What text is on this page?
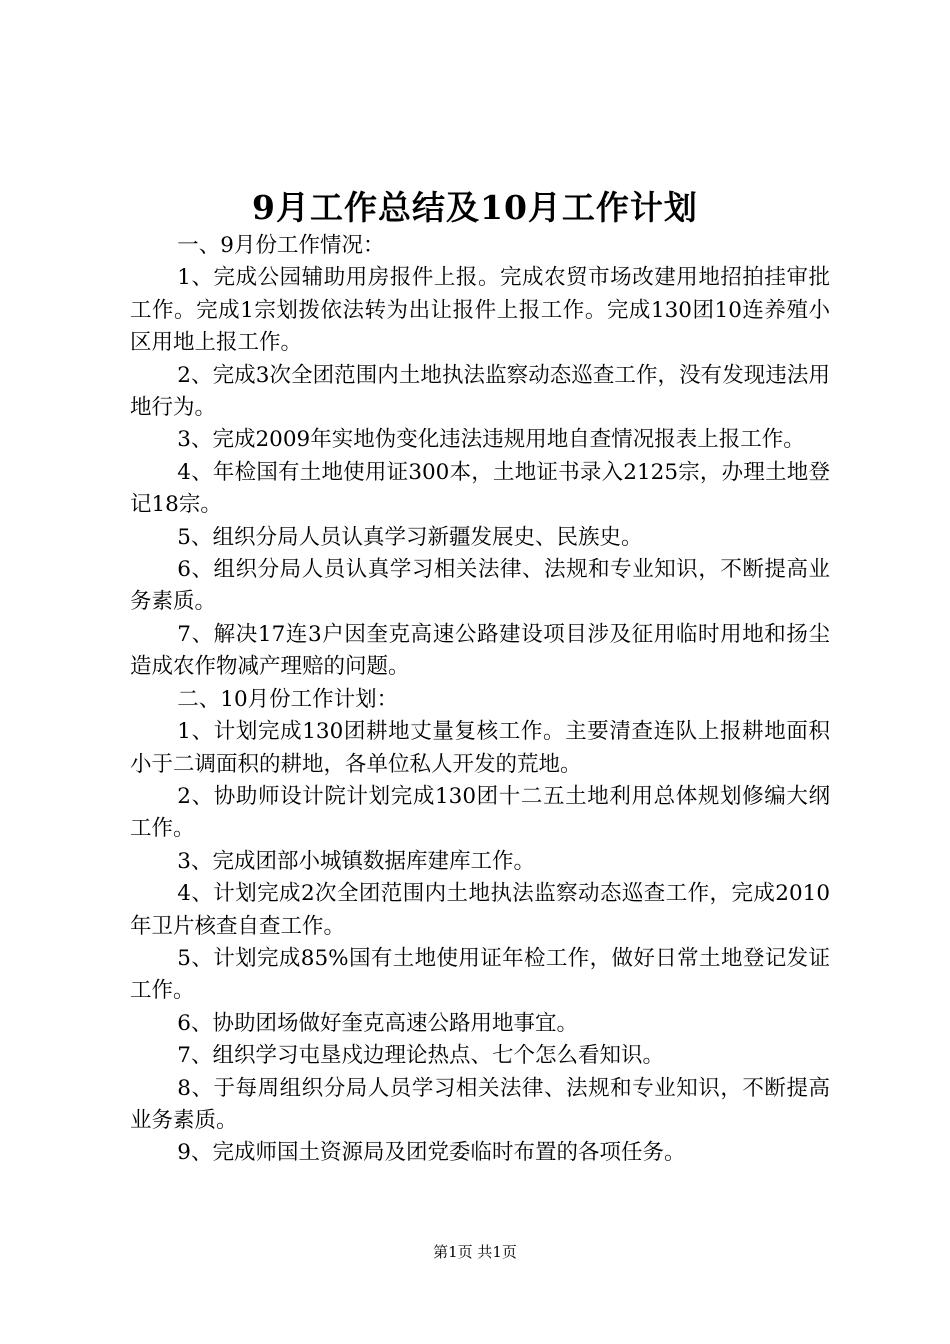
9月工作总结及10月工作计划

一、9月份工作情况：

1、完成公园辅助用房报件上报。完成农贸市场改建用地招拍挂审批工作。完成1宗划拨依法转为出让报件上报工作。完成130团10连养殖小区用地上报工作。

2、完成3次全团范围内土地执法监察动态巡查工作，没有发现违法用地行为。

3、完成2009年实地伪变化违法违规用地自查情况报表上报工作。

4、年检国有土地使用证300本，土地证书录入2125宗，办理土地登记18宗。

5、组织分局人员认真学习新疆发展史、民族史。

6、组织分局人员认真学习相关法律、法规和专业知识，不断提高业务素质。

7、解决17连3户因奎克高速公路建设项目涉及征用临时用地和扬尘造成农作物减产理赔的问题。

二、10月份工作计划：

1、计划完成130团耕地丈量复核工作。主要清查连队上报耕地面积小于二调面积的耕地，各单位私人开发的荒地。

2、协助师设计院计划完成130团十二五土地利用总体规划修编大纲工作。

3、完成团部小城镇数据库建库工作。

4、计划完成2次全团范围内土地执法监察动态巡查工作，完成2010年卫片核查自查工作。

5、计划完成85%国有土地使用证年检工作，做好日常土地登记发证工作。

6、协助团场做好奎克高速公路用地事宜。

7、组织学习屯垦戍边理论热点、七个怎么看知识。

8、于每周组织分局人员学习相关法律、法规和专业知识，不断提高业务素质。

9、完成师国土资源局及团党委临时布置的各项任务。

第1页 共1页
